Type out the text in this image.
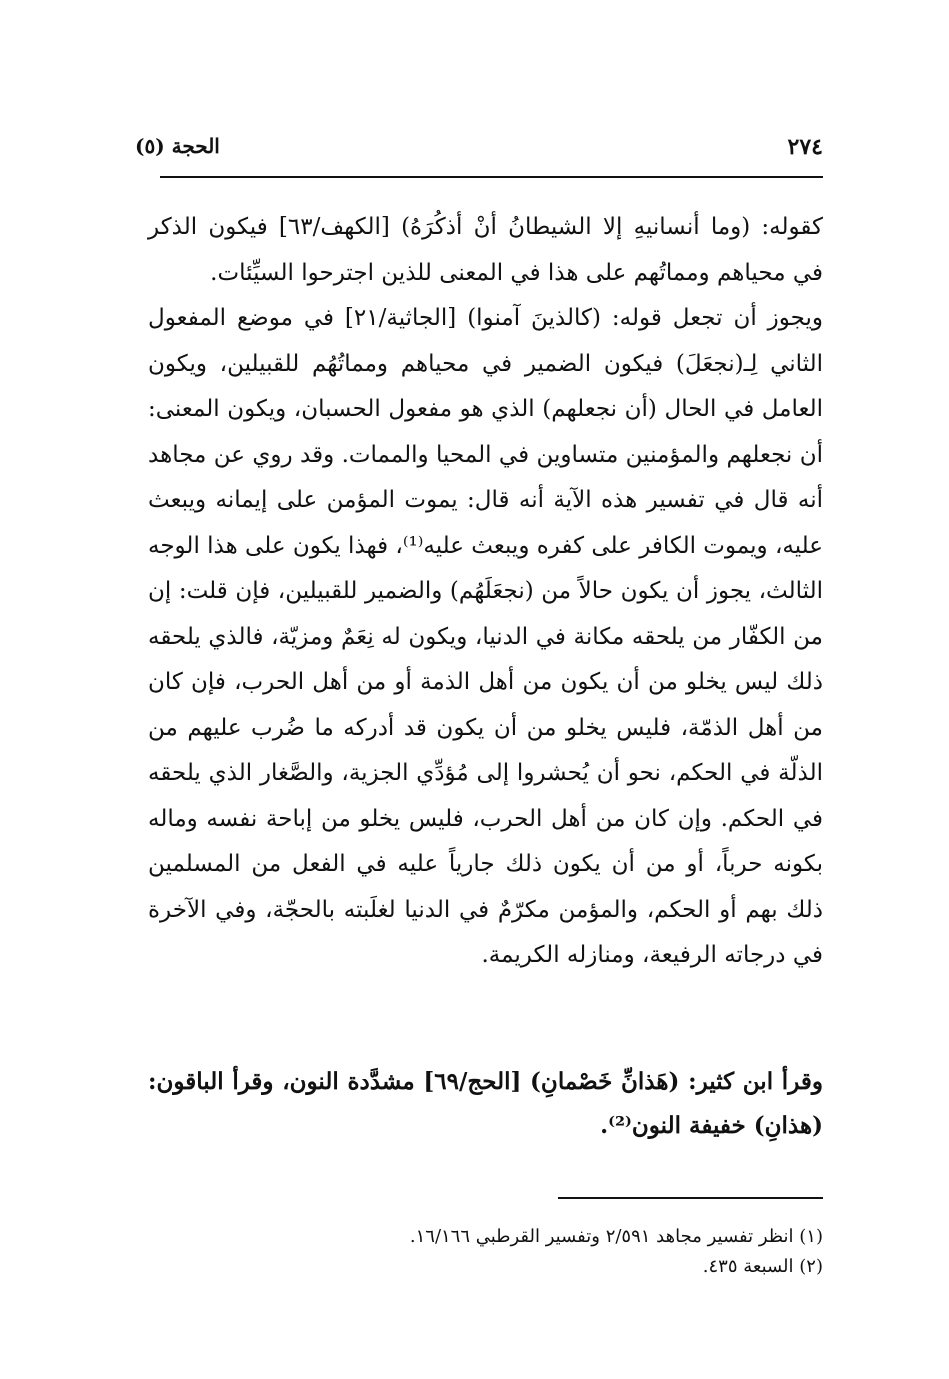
٢٧٤
الحجة (٥)

كقوله: (وما أنسانيهِ إلا الشيطانُ أنْ أذكُرَهُ) [الكهف/٦٣] فيكون الذكر في محياهم ومماتُهم على هذا في المعنى للذين اجترحوا السيِّئات.

ويجوز أن تجعل قوله: (كالذينَ آمنوا) [الجاثية/٢١] في موضع المفعول الثاني لِـ(نجعَلَ) فيكون الضمير في محياهم ومماتُهُم للقبيلين، ويكون العامل في الحال (أن نجعلهم) الذي هو مفعول الحسبان، ويكون المعنى: أن نجعلهم والمؤمنين متساوين في المحيا والممات. وقد روي عن مجاهد أنه قال في تفسير هذه الآية أنه قال: يموت المؤمن على إيمانه ويبعث عليه، ويموت الكافر على كفره ويبعث عليه⁽¹⁾، فهذا يكون على هذا الوجه الثالث، يجوز أن يكون حالاً من (نجعَلَهُم) والضمير للقبيلين، فإن قلت: إن من الكفّار من يلحقه مكانة في الدنيا، ويكون له نِعَمٌ ومزيّة، فالذي يلحقه ذلك ليس يخلو من أن يكون من أهل الذمة أو من أهل الحرب، فإن كان من أهل الذمّة، فليس يخلو من أن يكون قد أدركه ما ضُرب عليهم من الذلّة في الحكم، نحو أن يُحشروا إلى مُؤدِّي الجزية، والصَّغار الذي يلحقه في الحكم. وإن كان من أهل الحرب، فليس يخلو من إباحة نفسه وماله بكونه حرباً، أو من أن يكون ذلك جارياً عليه في الفعل من المسلمين ذلك بهم أو الحكم، والمؤمن مكرّمٌ في الدنيا لغلَبته بالحجّة، وفي الآخرة في درجاته الرفيعة، ومنازله الكريمة.

وقرأ ابن كثير: (هَذانِّ خَصْمانِ) [الحج/٦٩] مشدَّدة النون، وقرأ الباقون: (هذانِ) خفيفة النون⁽²⁾.

(١) انظر تفسير مجاهد ٢/٥٩١ وتفسير القرطبي ١٦/١٦٦.
(٢) السبعة ٤٣٥.
